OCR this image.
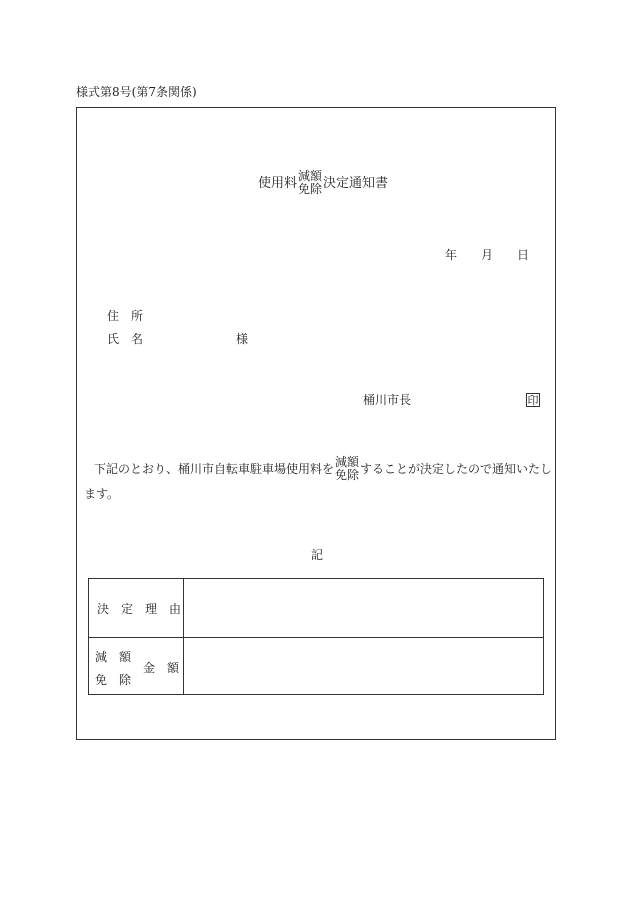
様式第8号(第7条関係)
使用料 減額
免除 決定通知書
年 月 日
住　所
氏　名	様
桶川市長	印
下記のとおり、桶川市自転車駐車場使用料を
減額
免除 することが決定したので通知いたし
ます。
記
決　定　理　由
減　額
免　除
金　額
